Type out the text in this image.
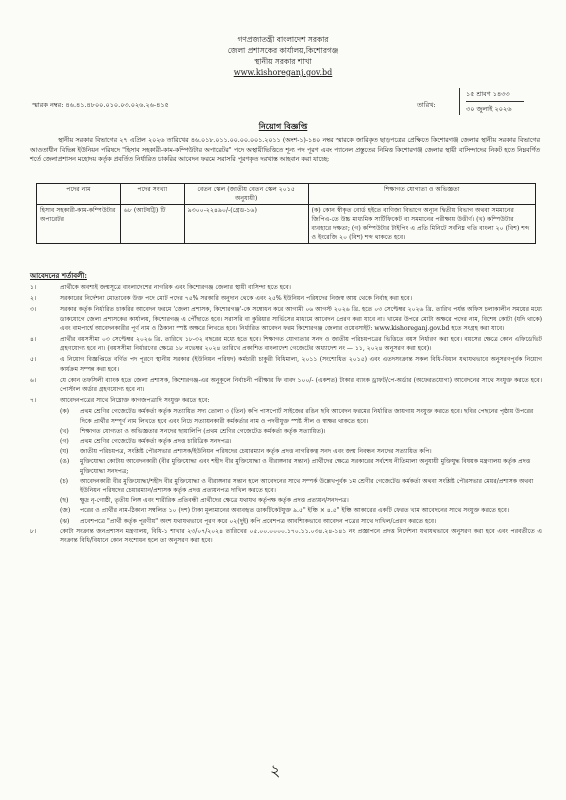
গণপ্রজাতন্ত্রী বাংলাদেশ সরকার
জেলা প্রশাসকের কার্যালয়,কিশোরগঞ্জ
স্থানীয় সরকার শাখা
www.kishoreganj.gov.bd
স্মারক নম্বর: ৪৬.৪১.৪৮০০.০১০.০৩.০২৬.২৬-৪১৫	তারিখ:
১৫ শ্রাবণ ১৪৩৩
৩০ জুলাই ২০২৬
নিয়োগ বিজ্ঞপ্তি
স্থানীয় সরকার বিভাগের ২৭ এপ্রিল ২০২৬ তারিখের ৪৬.০১৮.০১১.০০.০০.০০১.২০১১ (অংশ-১)-১৪০ নম্বর স্মারকে জারিকৃত ছাড়পত্রের প্রেক্ষিতে কিশোরগঞ্জ জেলার স্থানীয় সরকার বিভাগের আওতাধীন বিভিন্ন ইউনিয়ন পরিষদে "হিসাব সহকারী-কাম-কম্পিউটার অপারেটর" পদে অস্থায়ীভিত্তিতে শূন্য পদ পূরণ এবং প্যানেল প্রস্তুতের নিমিত্ত কিশোরগঞ্জ জেলার স্থায়ী বাসিন্দাদের নিকট হতে নিম্নবর্ণিত শর্তে জেলাপ্রশাসন মহোদয় কর্তৃক প্রবর্তিত নির্ধারিত চাকরির আবেদন ফরমে সরাসরি পূরণকৃত দরখাস্ত আহবান করা যাচ্ছে:
পদের নাম	পদের সংখ্যা	বেতন স্কেল (জাতীয় বেতন স্কেল ২০১৫ অনুযায়ী)	শিক্ষাগত যোগ্যতা ও অভিজ্ঞতা
হিসাব সহকারী-কাম-কম্পিউটার অপারেটর	৬৮ (আটষট্টি) টি	৯৩০০-২২৪৯০/-(গ্রেড-১৬)	(ক) কোন স্বীকৃত বোর্ড হইতে বাণিজ্য বিভাগে অন্যূন দ্বিতীয় বিভাগ অথবা সমমানের জিপিএ-তে উচ্চ মাধ্যমিক সার্টিফিকেট বা সমমানের পরীক্ষায় উত্তীর্ণ। (খ) কম্পিউটার ব্যবহারে দক্ষতা; (গ) কম্পিউটার টাইপিং এ প্রতি মিনিটে সর্বনিম্ন গতি বাংলা ২০ (বিশ) শব্দ ও ইংরেজি ২০ (বিশ) শব্দ থাকতে হবে।
আবেদনের শর্তাবলী:
১।	প্রার্থীকে অবশ্যই জন্মসূত্রে বাংলাদেশের নাগরিক এবং কিশোরগঞ্জ জেলার স্থায়ী বাসিন্দা হতে হবে।
২।	সরকারের নির্দেশনা মোতাবেক উক্ত পদে মোট পদের ৭৫% সরকারি অনুদান থেকে এবং ২৫% ইউনিয়ন পরিষদের নিজস্ব আয় থেকে নির্বাহ করা হবে।
৩।	সরকার কর্তৃক নির্ধারিত চাকরির আবেদন ফরমে 'জেলা প্রশাসক, কিশোরগঞ্জ'-কে সম্বোধন করে আগামী ০৬ আগস্ট ২০২৬ খ্রি. হতে ০৩ সেপ্টেম্বর ২০২৬ খ্রি. তারিখ পর্যন্ত অফিস চলাকালীন সময়ের মধ্যে ডাকযোগে জেলা প্রশাসকের কার্যালয়, কিশোরগঞ্জ এ পৌঁছাতে হবে। সরাসরি বা কুরিয়ার সার্ভিসের মাধ্যমে আবেদন প্রেরণ করা যাবে না। খামের উপরে মোটা অক্ষরে পদের নাম, বিশেষ কোটা (যদি থাকে) এবং বামপার্শ্বে আবেদনকারীর পূর্ণ নাম ও ঠিকানা স্পষ্ট অক্ষরে লিখতে হবে। নির্ধারিত আবেদন ফরম কিশোরগঞ্জ জেলার ওয়েবসাইট: www.kishoreganj.gov.bd হতে সংগ্রহ করা যাবে।
৪।	প্রার্থীর বয়সসীমা ০৩ সেপ্টেম্বর ২০২৬ খ্রি. তারিখে ১৮-৩২ বছরের মধ্যে হতে হবে। শিক্ষাগত যোগ্যতার সনদ ও জাতীয় পরিচয়পত্রের ভিত্তিতে বয়স নির্ধারণ করা হবে। বয়সের ক্ষেত্রে কোন এফিডেভিট গ্রহণযোগ্য হবে না। (বয়সসীমা নির্ধারণের ক্ষেত্রে ১৮ নভেম্বর ২০২৪ তারিখে প্রকাশিত বাংলাদেশ গেজেটের অধ্যাদেশ নং — ১১, ২০২৪ অনুসরণ করা হবে)।
৫।	এ নিয়োগ বিজ্ঞপ্তিতে বর্ণিত পদ পূরণে স্থানীয় সরকার (ইউনিয়ন পরিষদ) কর্মচারী চাকুরী বিধিমালা, ২০১১ (সংশোধিত ২০১৫) এবং এতদসংক্রান্ত সকল বিধি-বিধান যথাযথভাবে অনুসরণপূর্বক নিয়োগ কার্যক্রম সম্পন্ন করা হবে।
৬।	যে কোন তফসিলী ব্যাংক হতে জেলা প্রশাসক, কিশোরগঞ্জ-এর অনুকূলে নির্বাচনী পরীক্ষার ফি বাবদ ১০০/- (একশত) টাকার ব্যাংক ড্রাফট/পে-অর্ডার (অফেরতযোগ্য) আবেদনের সাথে সংযুক্ত করতে হবে। পোস্টাল অর্ডার গ্রহণযোগ্য হবে না।
৭।	আবেদনপত্রের সাথে নিম্নোক্ত কাগজপত্রাদি সংযুক্ত করতে হবে:
(ক) প্রথম শ্রেণির গেজেটেড কর্মকর্তা কর্তৃক সত্যায়িত সদ্য তোলা ৩ (তিন) কপি পাসপোর্ট সাইজের রঙিন ছবি আবেদন ফরমের নির্ধারিত জায়গায় সংযুক্ত করতে হবে। ছবির পেছনের পৃষ্ঠায় উপরের দিকে প্রার্থীর সম্পূর্ণ নাম লিখতে হবে এবং নিচে সত্যায়নকারী কর্মকর্তার নাম ও পদবীযুক্ত স্পষ্ট সীল ও স্বাক্ষর থাকতে হবে।
(খ) শিক্ষাগত যোগ্যতা ও অভিজ্ঞতার সনদের ছায়ালিপি (প্রথম শ্রেণির গেজেটেড কর্মকর্তা কর্তৃক সত্যায়িত)।
(গ) প্রথম শ্রেণির গেজেটেড কর্মকর্তা কর্তৃক প্রদত্ত চারিত্রিক সনদপত্র।
(ঘ) জাতীয় পরিচয়পত্র, সংশ্লিষ্ট পৌরসভার প্রশাসক/ইউনিয়ন পরিষদের চেয়ারম্যান কর্তৃক প্রদত্ত নাগরিকত্ব সনদ এবং জন্ম নিবন্ধন সনদের সত্যায়িত কপি।
(ঙ) মুক্তিযোদ্ধা কোটায় আবেদনকারী (বীর মুক্তিযোদ্ধা এবং শহীদ বীর মুক্তিযোদ্ধা ও বীরাঙ্গনার সন্তান) প্রার্থীদের ক্ষেত্রে সরকারের সর্বশেষ নীতিমালা অনুযায়ী মুক্তিযুদ্ধ বিষয়ক মন্ত্রণালয় কর্তৃক প্রদত্ত মুক্তিযোদ্ধা সনদপত্র;
(চ) আবেদনকারী বীর মুক্তিযোদ্ধা/শহীদ বীর মুক্তিযোদ্ধা ও বীরাঙ্গনার সন্তান হলে আবেদনের সাথে সম্পর্ক উল্লেখপূর্বক ১ম শ্রেণীর গেজেটেড কর্মকর্তা অথবা সংশ্লিষ্ট পৌরসভার মেয়র/প্রশাসক অথবা ইউনিয়ন পরিষদের চেয়ারম্যান/প্রশাসক কর্তৃক প্রদত্ত প্রত্যয়নপত্র দাখিল করতে হবে।
(ছ) ক্ষুদ্র নৃ-গোষ্ঠী, তৃতীয় লিঙ্গ এবং শারীরিক প্রতিবন্ধী প্রার্থীদের ক্ষেত্রে যথাযথ কর্তৃপক্ষ কর্তৃক প্রদত্ত প্রত্যয়ন/সনদপত্র।
(জ) পরের ও প্রার্থীর নাম-ঠিকানা সম্বলিত ১০ (দশ) টাকা মূল্যমানের অব্যবহৃত ডাকটিকেটযুক্ত ৯.৫" ইঞ্চি × ৪.৫" ইঞ্চি আকারের একটি ফেরত খাম আবেদনের সাথে সংযুক্ত করতে হবে।
(ঝ) প্রবেশপত্রে "প্রার্থী কর্তৃক পূরণীয়" অংশ যথাযথভাবে পূরণ করে ০২(দুই) কপি প্রবেশপত্র আবশ্যিকভাবে আবেদন পত্রের সাথে দাখিল/প্রেরণ করতে হবে।
৮।	কোটা সংক্রান্ত জনপ্রশাসন মন্ত্রণালয়, বিধি-১ শাখার ২৩/০৭/২০২৪ তারিখের ০৫.০০.০০০০.১৭০.১১.০৩৪.২৪-১৪১ নং প্রজ্ঞাপনে প্রদত্ত নির্দেশনা যথাযথভাবে অনুসরণ করা হবে এবং পরবর্তীতে এ সংক্রান্ত বিধি/বিধানে কোন সংশোধন হলে তা অনুসরণ করা হবে।
২
